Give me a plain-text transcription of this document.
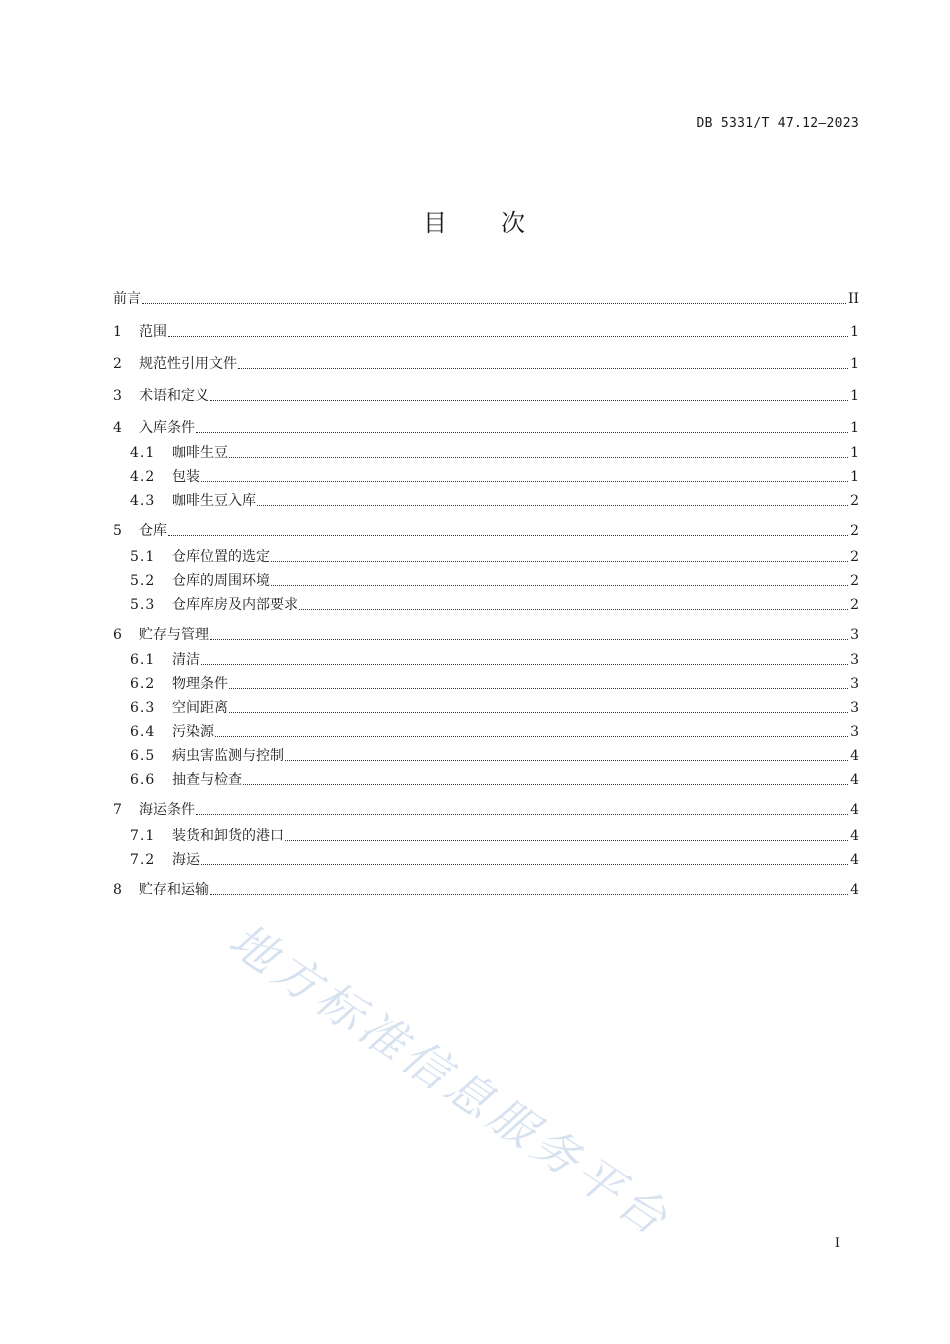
DB 5331/T 47.12—2023
目 次
前言	II
1	范围	1
2	规范性引用文件	1
3	术语和定义	1
4	入库条件	1
4.1	咖啡生豆	1
4.2	包装	1
4.3	咖啡生豆入库	2
5	仓库	2
5.1	仓库位置的选定	2
5.2	仓库的周围环境	2
5.3	仓库库房及内部要求	2
6	贮存与管理	3
6.1	清洁	3
6.2	物理条件	3
6.3	空间距离	3
6.4	污染源	3
6.5	病虫害监测与控制	4
6.6	抽查与检查	4
7	海运条件	4
7.1	装货和卸货的港口	4
7.2	海运	4
8	贮存和运输	4
地方标准信息服务平台	I
